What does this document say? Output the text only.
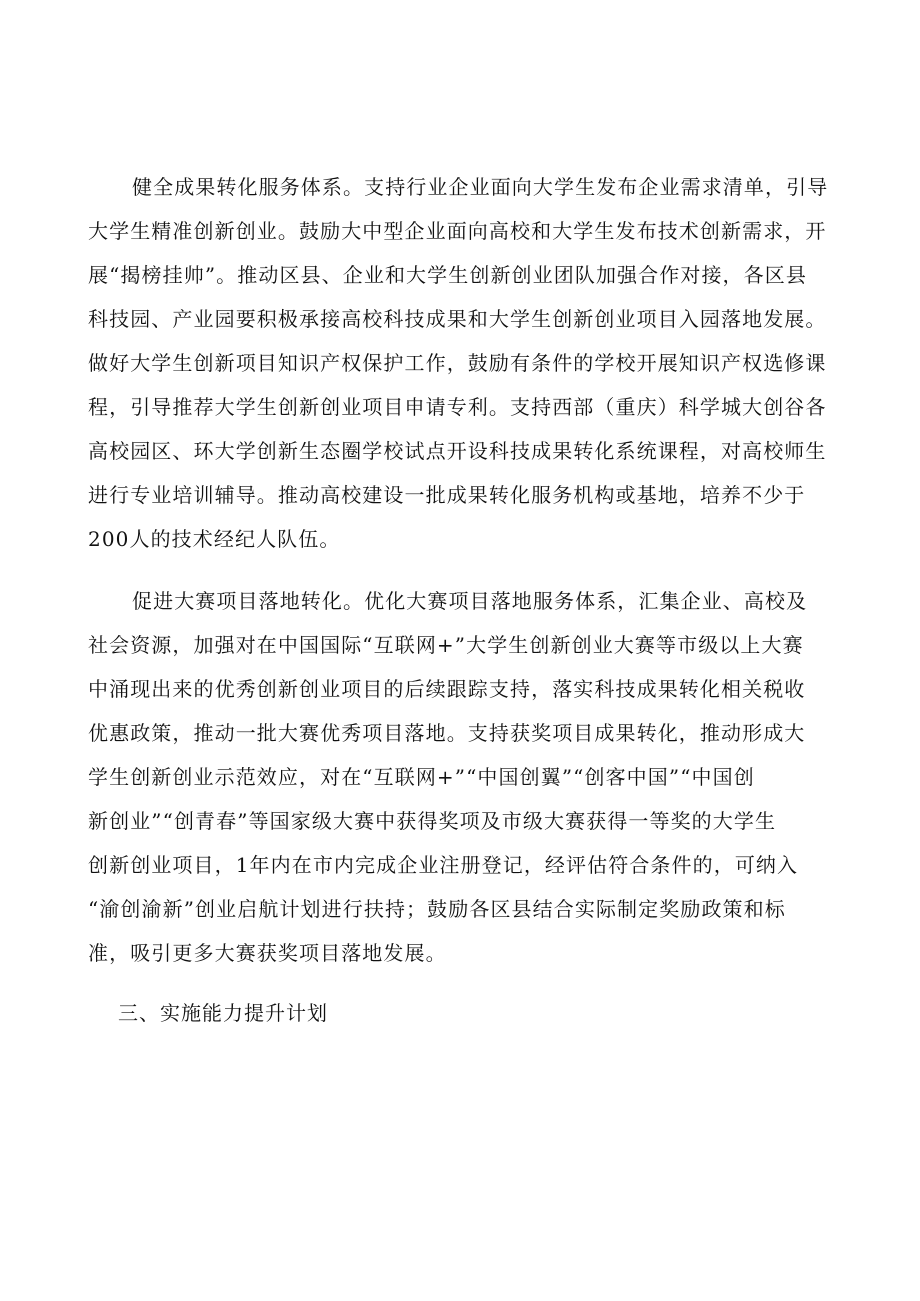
健全成果转化服务体系。支持行业企业面向大学生发布企业需求清单，引导
大学生精准创新创业。鼓励大中型企业面向高校和大学生发布技术创新需求，开
展“揭榜挂帅”。推动区县、企业和大学生创新创业团队加强合作对接，各区县
科技园、产业园要积极承接高校科技成果和大学生创新创业项目入园落地发展。
做好大学生创新项目知识产权保护工作，鼓励有条件的学校开展知识产权选修课
程，引导推荐大学生创新创业项目申请专利。支持西部（重庆）科学城大创谷各
高校园区、环大学创新生态圈学校试点开设科技成果转化系统课程，对高校师生
进行专业培训辅导。推动高校建设一批成果转化服务机构或基地，培养不少于
200人的技术经纪人队伍。
促进大赛项目落地转化。优化大赛项目落地服务体系，汇集企业、高校及
社会资源，加强对在中国国际“互联网+”大学生创新创业大赛等市级以上大赛
中涌现出来的优秀创新创业项目的后续跟踪支持，落实科技成果转化相关税收
优惠政策，推动一批大赛优秀项目落地。支持获奖项目成果转化，推动形成大
学生创新创业示范效应，对在“互联网+”“中国创翼”“创客中国”“中国创
新创业”“创青春”等国家级大赛中获得奖项及市级大赛获得一等奖的大学生
创新创业项目，1年内在市内完成企业注册登记，经评估符合条件的，可纳入
“渝创渝新”创业启航计划进行扶持；鼓励各区县结合实际制定奖励政策和标
准，吸引更多大赛获奖项目落地发展。
三、实施能力提升计划
